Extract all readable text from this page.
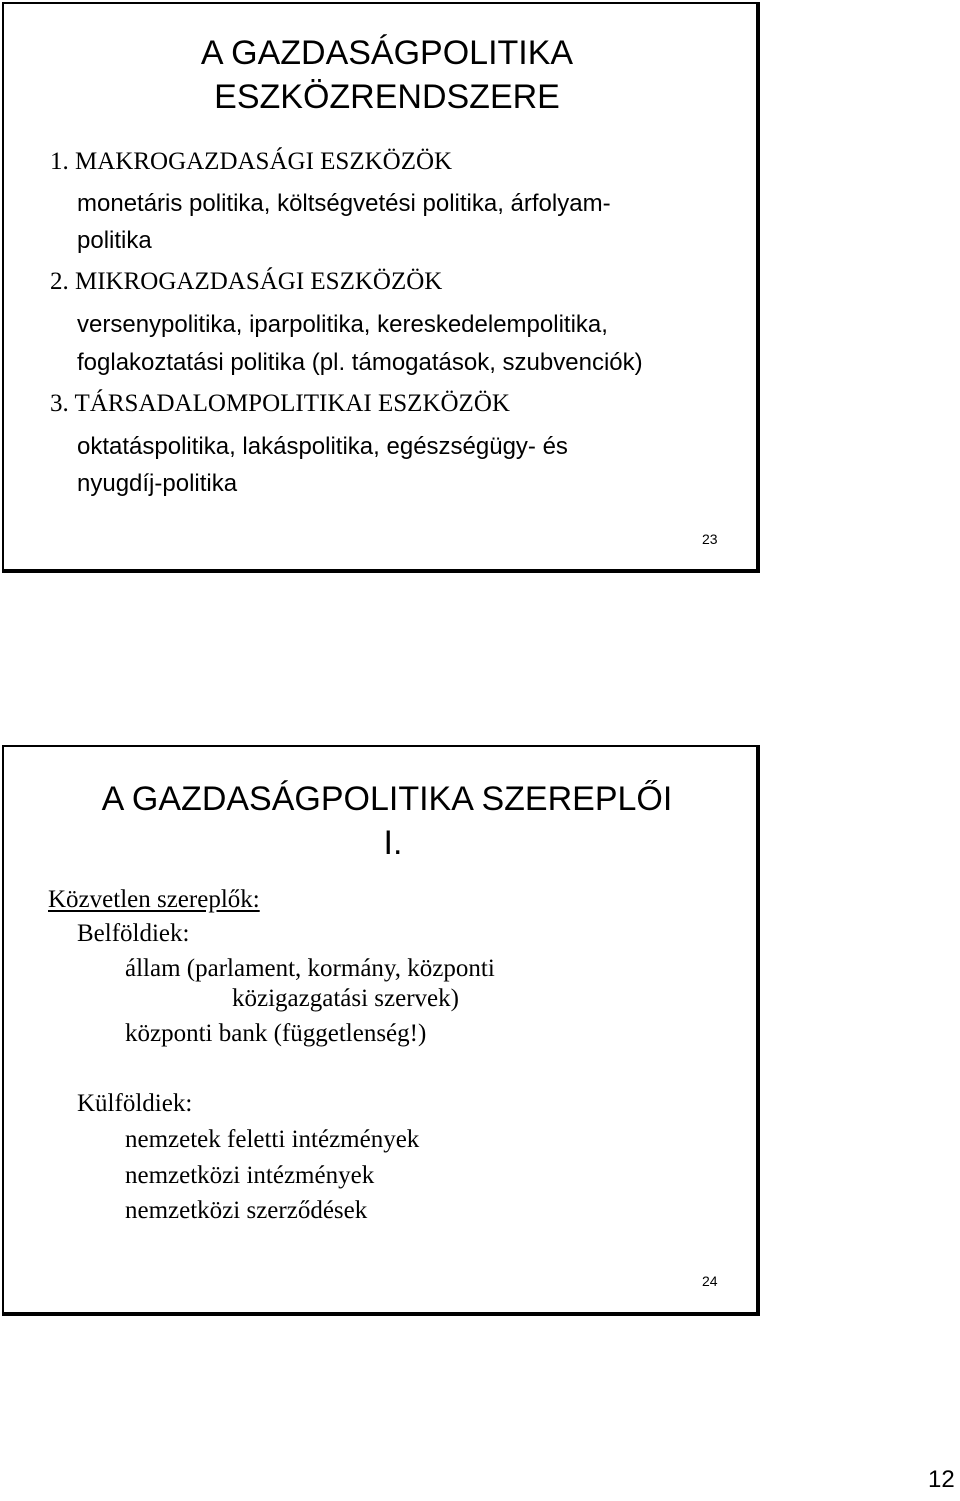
A GAZDASÁGPOLITIKA
ESZKÖZRENDSZERE

1. MAKROGAZDASÁGI ESZKÖZÖK

monetáris politika, költségvetési politika, árfolyam-

politika

2. MIKROGAZDASÁGI ESZKÖZÖK

versenypolitika, iparpolitika, kereskedelempolitika,

foglakoztatási politika (pl. támogatások, szubvenciók)

3. TÁRSADALOMPOLITIKAI ESZKÖZÖK

oktatáspolitika, lakáspolitika, egészségügy- és

nyugdíj-politika

23
A GAZDASÁGPOLITIKA SZEREPLŐI
I.

Közvetlen szereplők:

Belföldiek:

állam (parlament, kormány, központi

közigazgatási szervek)

központi bank (függetlenség!)

Külföldiek:

nemzetek feletti intézmények

nemzetközi intézmények

nemzetközi szerződések

24
12
